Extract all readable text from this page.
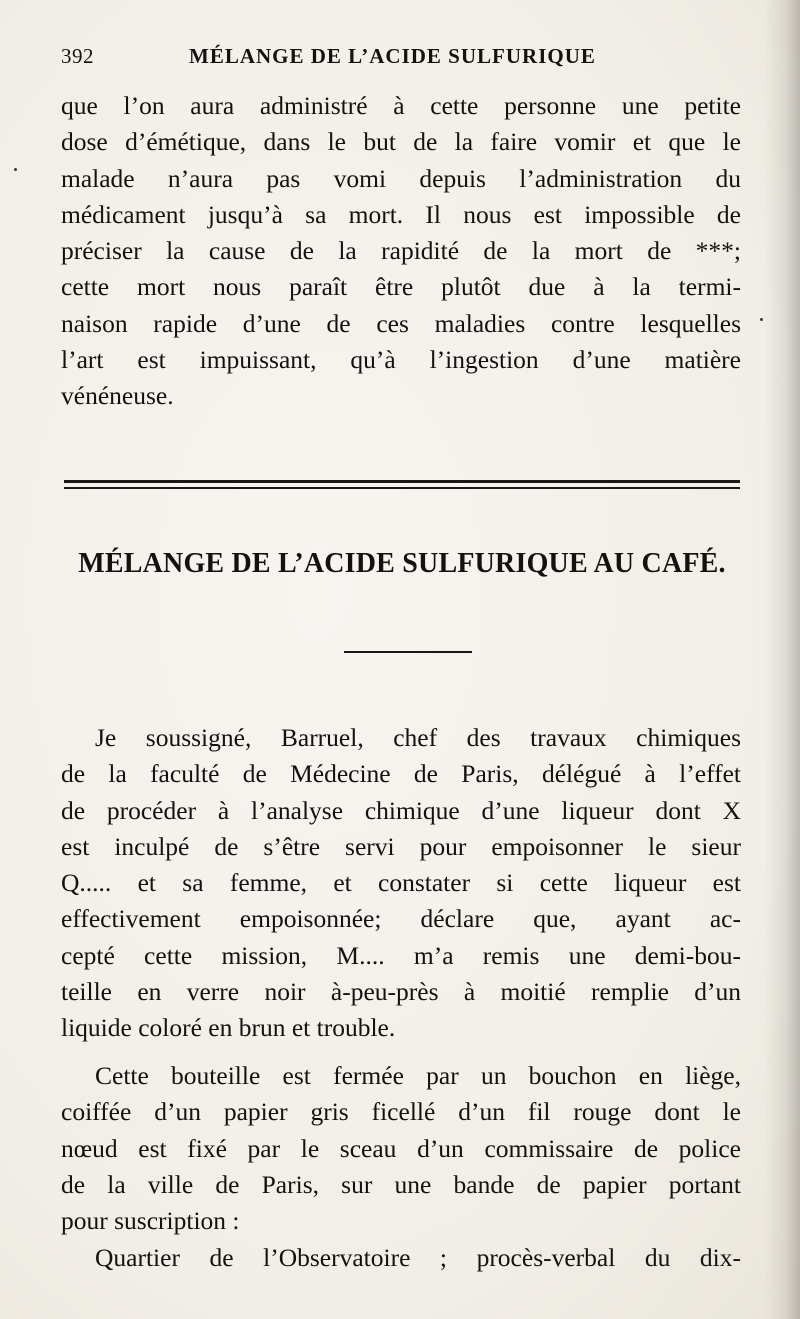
392	MÉLANGE DE L’ACIDE SULFURIQUE
que l’on aura administré à cette personne une petite
dose d’émétique, dans le but de la faire vomir et que le
malade n’aura pas vomi depuis l’administration du
médicament jusqu’à sa mort. Il nous est impossible de
préciser la cause de la rapidité de la mort de ***;
cette mort nous paraît être plutôt due à la termi-
naison rapide d’une de ces maladies contre lesquelles
l’art est impuissant, qu’à l’ingestion d’une matière
vénéneuse.
MÉLANGE DE L’ACIDE SULFURIQUE AU CAFÉ.
Je soussigné, Barruel, chef des travaux chimiques
de la faculté de Médecine de Paris, délégué à l’effet
de procéder à l’analyse chimique d’une liqueur dont X
est inculpé de s’être servi pour empoisonner le sieur
Q..... et sa femme, et constater si cette liqueur est
effectivement empoisonnée; déclare que, ayant ac-
cepté cette mission, M.... m’a remis une demi-bou-
teille en verre noir à-peu-près à moitié remplie d’un
liquide coloré en brun et trouble.
Cette bouteille est fermée par un bouchon en liège,
coiffée d’un papier gris ficellé d’un fil rouge dont le
nœud est fixé par le sceau d’un commissaire de police
de la ville de Paris, sur une bande de papier portant
pour suscription :
Quartier de l’Observatoire ; procès-verbal du dix-
